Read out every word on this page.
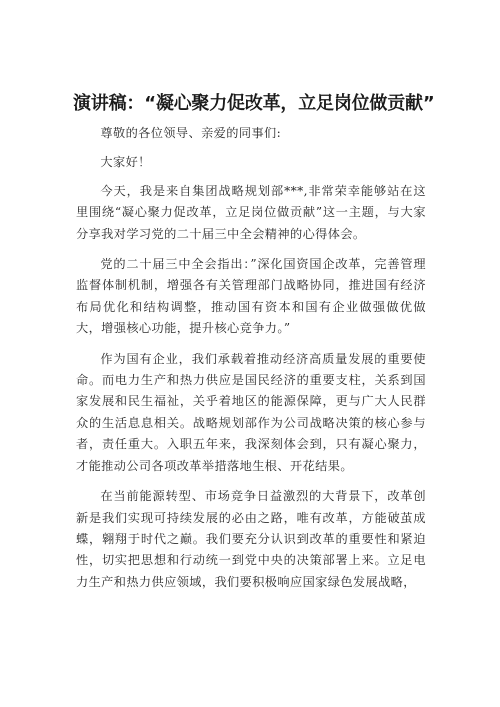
演讲稿：“凝心聚力促改革，立足岗位做贡献”

尊敬的各位领导、亲爱的同事们:

大家好！

今天，我是来自集团战略规划部***,非常荣幸能够站在这里围绕“凝心聚力促改革，立足岗位做贡献”这一主题，与大家分享我对学习党的二十届三中全会精神的心得体会。

党的二十届三中全会指出：”深化国资国企改革，完善管理监督体制机制，增强各有关管理部门战略协同，推进国有经济布局优化和结构调整，推动国有资本和国有企业做强做优做大，增强核心功能，提升核心竞争力。”

作为国有企业，我们承载着推动经济高质量发展的重要使命。而电力生产和热力供应是国民经济的重要支柱，关系到国家发展和民生福祉，关乎着地区的能源保障，更与广大人民群众的生活息息相关。战略规划部作为公司战略决策的核心参与者，责任重大。入职五年来，我深刻体会到，只有凝心聚力，才能推动公司各项改革举措落地生根、开花结果。

在当前能源转型、市场竞争日益激烈的大背景下，改革创新是我们实现可持续发展的必由之路，唯有改革，方能破茧成蝶，翱翔于时代之巅。我们要充分认识到改革的重要性和紧迫性，切实把思想和行动统一到党中央的决策部署上来。立足电力生产和热力供应领域，我们要积极响应国家绿色发展战略，
